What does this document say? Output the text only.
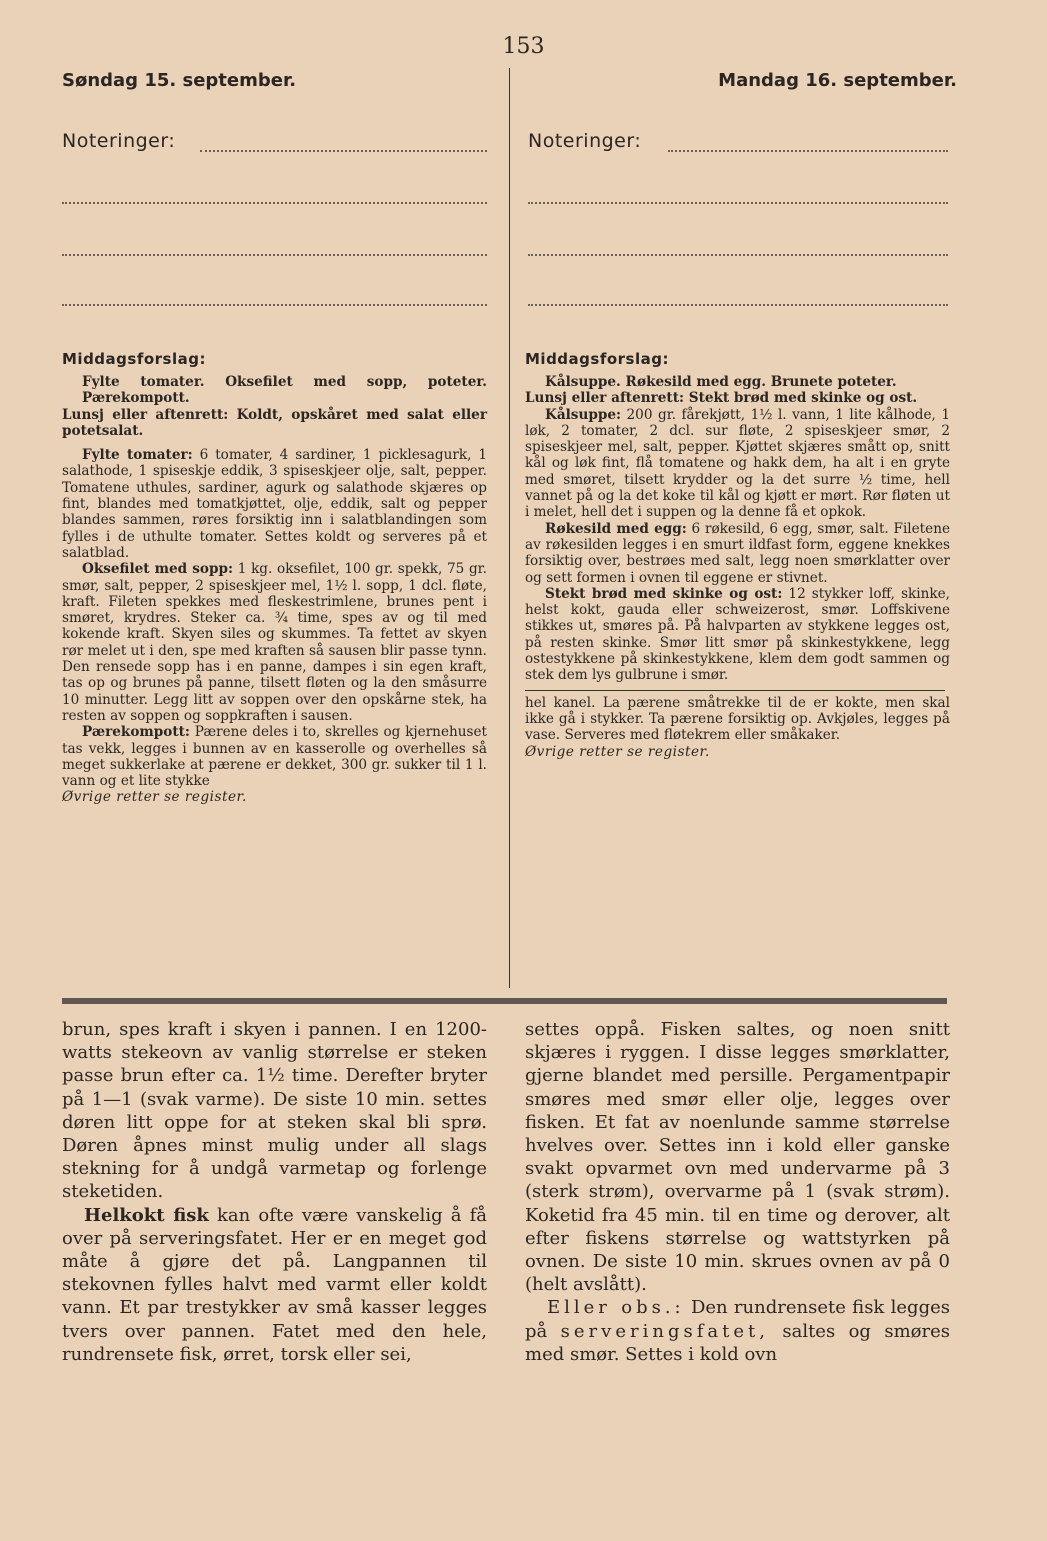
153
Søndag 15. september.	Mandag 16. september.
Noteringer:	Noteringer:
Middagsforslag:

Fylte tomater. Oksefilet med sopp, poteter. Pærekompott.

Lunsj eller aftenrett: Koldt, opskåret med salat eller potetsalat.

Fylte tomater: 6 tomater, 4 sardiner, 1 picklesagurk, 1 salathode, 1 spiseskje eddik, 3 spiseskjeer olje, salt, pepper. Tomatene uthules, sardiner, agurk og salathode skjæres op fint, blandes med tomatkjøttet, olje, eddik, salt og pepper blandes sammen, røres forsiktig inn i salatblandingen som fylles i de uthulte tomater. Settes koldt og serveres på et salatblad.

Oksefilet med sopp: 1 kg. oksefilet, 100 gr. spekk, 75 gr. smør, salt, pepper, 2 spiseskjeer mel, 1½ l. sopp, 1 dcl. fløte, kraft. Fileten spekkes med fleskestrimlene, brunes pent i smøret, krydres. Steker ca. ¾ time, spes av og til med kokende kraft. Skyen siles og skummes. Ta fettet av skyen rør melet ut i den, spe med kraften så sausen blir passe tynn. Den rensede sopp has i en panne, dampes i sin egen kraft, tas op og brunes på panne, tilsett fløten og la den småsurre 10 minutter. Legg litt av soppen over den opskårne stek, ha resten av soppen og soppkraften i sausen.

Pærekompott: Pærene deles i to, skrelles og kjernehuset tas vekk, legges i bunnen av en kasserolle og overhelles så meget sukkerlake at pærene er dekket, 300 gr. sukker til 1 l. vann og et lite stykke

Øvrige retter se register.

Middagsforslag:

Kålsuppe. Røkesild med egg. Brunete poteter.

Lunsj eller aftenrett: Stekt brød med skinke og ost.

Kålsuppe: 200 gr. fårekjøtt, 1½ l. vann, 1 lite kålhode, 1 løk, 2 tomater, 2 dcl. sur fløte, 2 spiseskjeer smør, 2 spiseskjeer mel, salt, pepper. Kjøttet skjæres smått op, snitt kål og løk fint, flå tomatene og hakk dem, ha alt i en gryte med smøret, tilsett krydder og la det surre ½ time, hell vannet på og la det koke til kål og kjøtt er mørt. Rør fløten ut i melet, hell det i suppen og la denne få et opkok.

Røkesild med egg: 6 røkesild, 6 egg, smør, salt. Filetene av røkesilden legges i en smurt ildfast form, eggene knekkes forsiktig over, bestrøes med salt, legg noen smørklatter over og sett formen i ovnen til eggene er stivnet.

Stekt brød med skinke og ost: 12 stykker loff, skinke, helst kokt, gauda eller schweizerost, smør. Loffskivene stikkes ut, smøres på. På halvparten av stykkene legges ost, på resten skinke. Smør litt smør på skinkestykkene, legg ostestykkene på skinkestykkene, klem dem godt sammen og stek dem lys gulbrune i smør.

hel kanel. La pærene småtrekke til de er kokte, men skal ikke gå i stykker. Ta pærene forsiktig op. Avkjøles, legges på vase. Serveres med fløtekrem eller småkaker.

Øvrige retter se register.

brun, spes kraft i skyen i pannen. I en 1200-watts stekeovn av vanlig størrelse er steken passe brun efter ca. 1½ time. Derefter bryter på 1—1 (svak varme). De siste 10 min. settes døren litt oppe for at steken skal bli sprø. Døren åpnes minst mulig under all slags stekning for å undgå varmetap og forlenge steketiden.

Helkokt fisk kan ofte være vanskelig å få over på serveringsfatet. Her er en meget god måte å gjøre det på. Langpannen til stekovnen fylles halvt med varmt eller koldt vann. Et par trestykker av små kasser legges tvers over pannen. Fatet med den hele, rundrensete fisk, ørret, torsk eller sei,

settes oppå. Fisken saltes, og noen snitt skjæres i ryggen. I disse legges smørklatter, gjerne blandet med persille. Pergamentpapir smøres med smør eller olje, legges over fisken. Et fat av noenlunde samme størrelse hvelves over. Settes inn i kold eller ganske svakt opvarmet ovn med undervarme på 3 (sterk strøm), overvarme på 1 (svak strøm). Koketid fra 45 min. til en time og derover, alt efter fiskens størrelse og wattstyrken på ovnen. De siste 10 min. skrues ovnen av på 0 (helt avslått).

Eller obs.: Den rundrensete fisk legges på serveringsfatet, saltes og smøres med smør. Settes i kold ovn
